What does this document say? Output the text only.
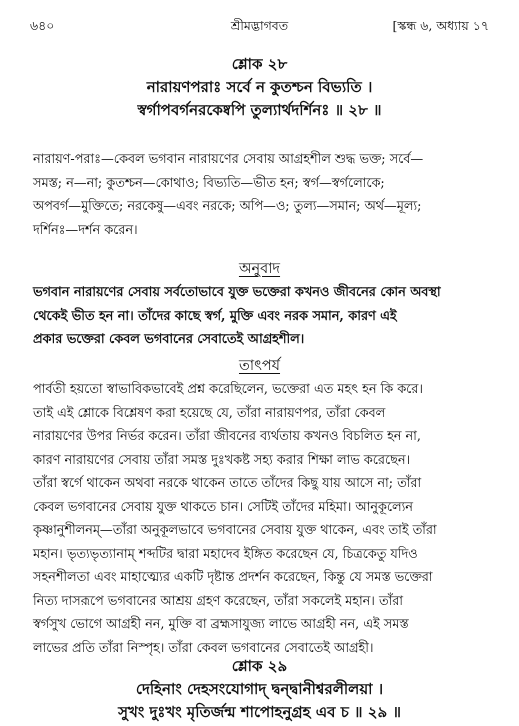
৬৪০	শ্রীমদ্ভাগবত	[স্কন্ধ ৬, অধ্যায় ১৭
শ্লোক ২৮
নারায়ণপরাঃ সর্বে ন কুতশ্চন বিভ্যতি ।
স্বর্গাপবর্গনরকেষ্বপি তুল্যার্থদর্শিনঃ ॥ ২৮ ॥
নারায়ণ-পরাঃ—কেবল ভগবান নারায়ণের সেবায় আগ্রহশীল শুদ্ধ ভক্ত; সর্বে—
সমস্ত; ন—না; কুতশ্চন—কোথাও; বিভ্যতি—ভীত হন; স্বর্গ—স্বর্গলোকে;
অপবর্গ—মুক্তিতে; নরকেষু—এবং নরকে; অপি—ও; তুল্য—সমান; অর্থ—মূল্য;
দর্শিনঃ—দর্শন করেন।
অনুবাদ
ভগবান নারায়ণের সেবায় সর্বতোভাবে যুক্ত ভক্তেরা কখনও জীবনের কোন অবস্থা
থেকেই ভীত হন না। তাঁদের কাছে স্বর্গ, মুক্তি এবং নরক সমান, কারণ এই
প্রকার ভক্তেরা কেবল ভগবানের সেবাতেই আগ্রহশীল।
তাৎপর্য
পার্বতী হয়তো স্বাভাবিকভাবেই প্রশ্ন করেছিলেন, ভক্তেরা এত মহৎ হন কি করে।
তাই এই শ্লোকে বিশ্লেষণ করা হয়েছে যে, তাঁরা নারায়ণপর, তাঁরা কেবল
নারায়ণের উপর নির্ভর করেন। তাঁরা জীবনের ব্যর্থতায় কখনও বিচলিত হন না,
কারণ নারায়ণের সেবায় তাঁরা সমস্ত দুঃখকষ্ট সহ্য করার শিক্ষা লাভ করেছেন।
তাঁরা স্বর্গে থাকেন অথবা নরকে থাকেন তাতে তাঁদের কিছু যায় আসে না; তাঁরা
কেবল ভগবানের সেবায় যুক্ত থাকতে চান। সেটিই তাঁদের মহিমা। আনুকূল্যেন
কৃষ্ণানুশীলনম্—তাঁরা অনুকূলভাবে ভগবানের সেবায় যুক্ত থাকেন, এবং তাই তাঁরা
মহান। ভৃত্যভৃত্যানাম্ শব্দটির দ্বারা মহাদেব ইঙ্গিত করেছেন যে, চিত্রকেতু যদিও
সহনশীলতা এবং মাহাত্ম্যের একটি দৃষ্টান্ত প্রদর্শন করেছেন, কিন্তু যে সমস্ত ভক্তেরা
নিত্য দাসরূপে ভগবানের আশ্রয় গ্রহণ করেছেন, তাঁরা সকলেই মহান। তাঁরা
স্বর্গসুখ ভোগে আগ্রহী নন, মুক্তি বা ব্রহ্মসাযুজ্য লাভে আগ্রহী নন, এই সমস্ত
লাভের প্রতি তাঁরা নিস্পৃহ। তাঁরা কেবল ভগবানের সেবাতেই আগ্রহী।
শ্লোক ২৯
দেহিনাং দেহসংযোগাদ্ দ্বন্দ্বানীশ্বরলীলয়া ।
সুখং দুঃখং মৃতির্জন্ম শাপোহনুগ্রহ এব চ ॥ ২৯ ॥
